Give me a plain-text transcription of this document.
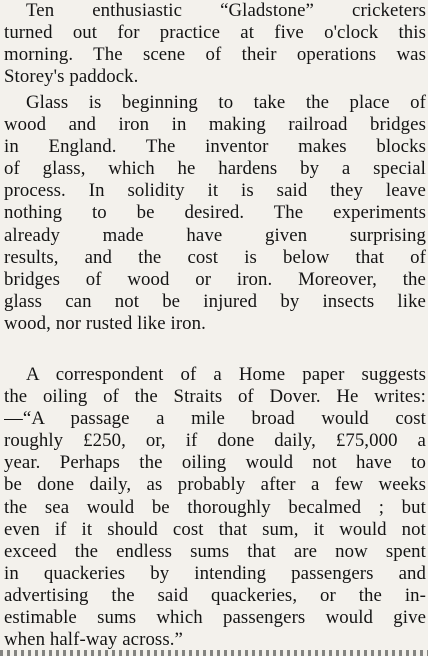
Ten enthusiastic “Gladstone” cricketers
turned out for practice at five o'clock this
morning. The scene of their operations was
Storey's paddock.
Glass is beginning to take the place of
wood and iron in making railroad bridges
in England. The inventor makes blocks
of glass, which he hardens by a special
process. In solidity it is said they leave
nothing to be desired. The experiments
already made have given surprising
results, and the cost is below that of
bridges of wood or iron. Moreover, the
glass can not be injured by insects like
wood, nor rusted like iron.
A correspondent of a Home paper suggests
the oiling of the Straits of Dover. He writes:
—“A passage a mile broad would cost
roughly £250, or, if done daily, £75,000 a
year. Perhaps the oiling would not have to
be done daily, as probably after a few weeks
the sea would be thoroughly becalmed ; but
even if it should cost that sum, it would not
exceed the endless sums that are now spent
in quackeries by intending passengers and
advertising the said quackeries, or the in-
estimable sums which passengers would give
when half-way across.”
